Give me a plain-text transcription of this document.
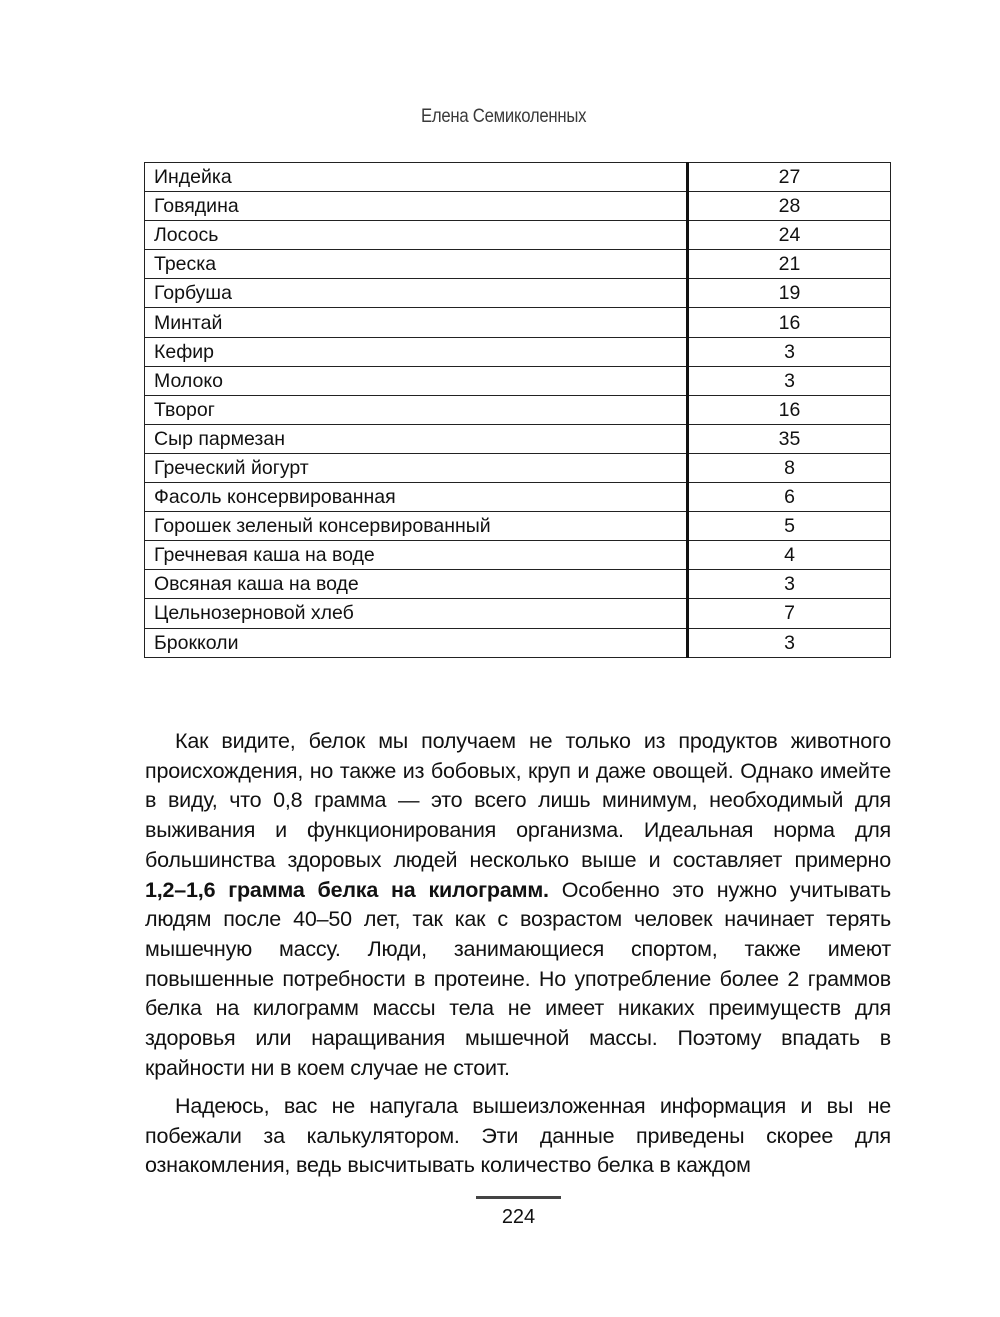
Елена Семиколенных
Индейка	27
Говядина	28
Лосось	24
Треска	21
Горбуша	19
Минтай	16
Кефир	3
Молоко	3
Творог	16
Сыр пармезан	35
Греческий йогурт	8
Фасоль консервированная	6
Горошек зеленый консервированный	5
Гречневая каша на воде	4
Овсяная каша на воде	3
Цельнозерновой хлеб	7
Брокколи	3

Как видите, белок мы получаем не только из продуктов животного происхождения, но также из бобовых, круп и даже овощей. Однако имейте в виду, что 0,8 грамма — это всего лишь минимум, необходимый для выживания и функционирования организма. Идеальная норма для большинства здоровых людей несколько выше и составляет примерно 1,2–1,6 грамма белка на килограмм. Особенно это нужно учитывать людям после 40–50 лет, так как с возрастом человек начинает терять мышечную массу. Люди, занимающиеся спортом, также имеют повышенные потребности в протеине. Но употребление более 2 граммов белка на килограмм массы тела не имеет никаких преимуществ для здоровья или наращивания мышечной массы. Поэтому впадать в крайности ни в коем случае не стоит.

Надеюсь, вас не напугала вышеизложенная информация и вы не побежали за калькулятором. Эти данные приведены скорее для ознакомления, ведь высчитывать количество белка в каждом

224
